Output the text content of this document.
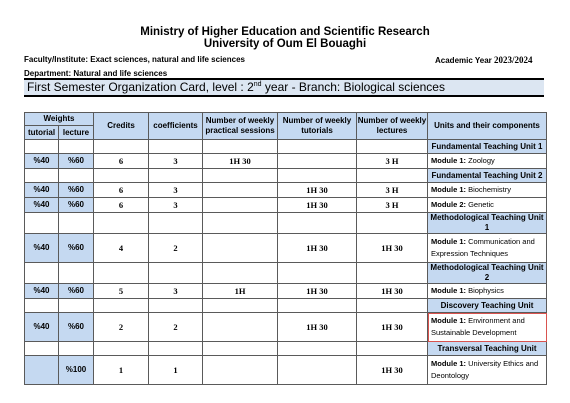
Ministry of Higher Education and Scientific Research
University of Oum El Bouaghi
Faculty/Institute: Exact sciences, natural and life sciences	Academic Year 2023/2024
Department: Natural and life sciences
First Semester Organization Card, level : 2nd year - Branch: Biological sciences
Weights		Credits	coefficients	Number of weekly practical sessions	Number of weekly tutorials	Number of weekly lectures	Units and their components
tutorial	lecture						
							Fundamental Teaching Unit 1
%40	%60	6	3	1H 30		3 H	Module 1: Zoology
							Fundamental Teaching Unit 2
%40	%60	6	3		1H 30	3 H	Module 1: Biochemistry
%40	%60	6	3		1H 30	3 H	Module 2: Genetic
							Methodological Teaching Unit 1
%40	%60	4	2		1H 30	1H 30	Module 1: Communication and Expression Techniques
							Methodological Teaching Unit 2
%40	%60	5	3	1H	1H 30	1H 30	Module 1: Biophysics
							Discovery Teaching Unit
%40	%60	2	2		1H 30	1H 30	Module 1: Environment and Sustainable Development
							Transversal Teaching Unit
	%100	1	1			1H 30	Module 1: University Ethics and Deontology
